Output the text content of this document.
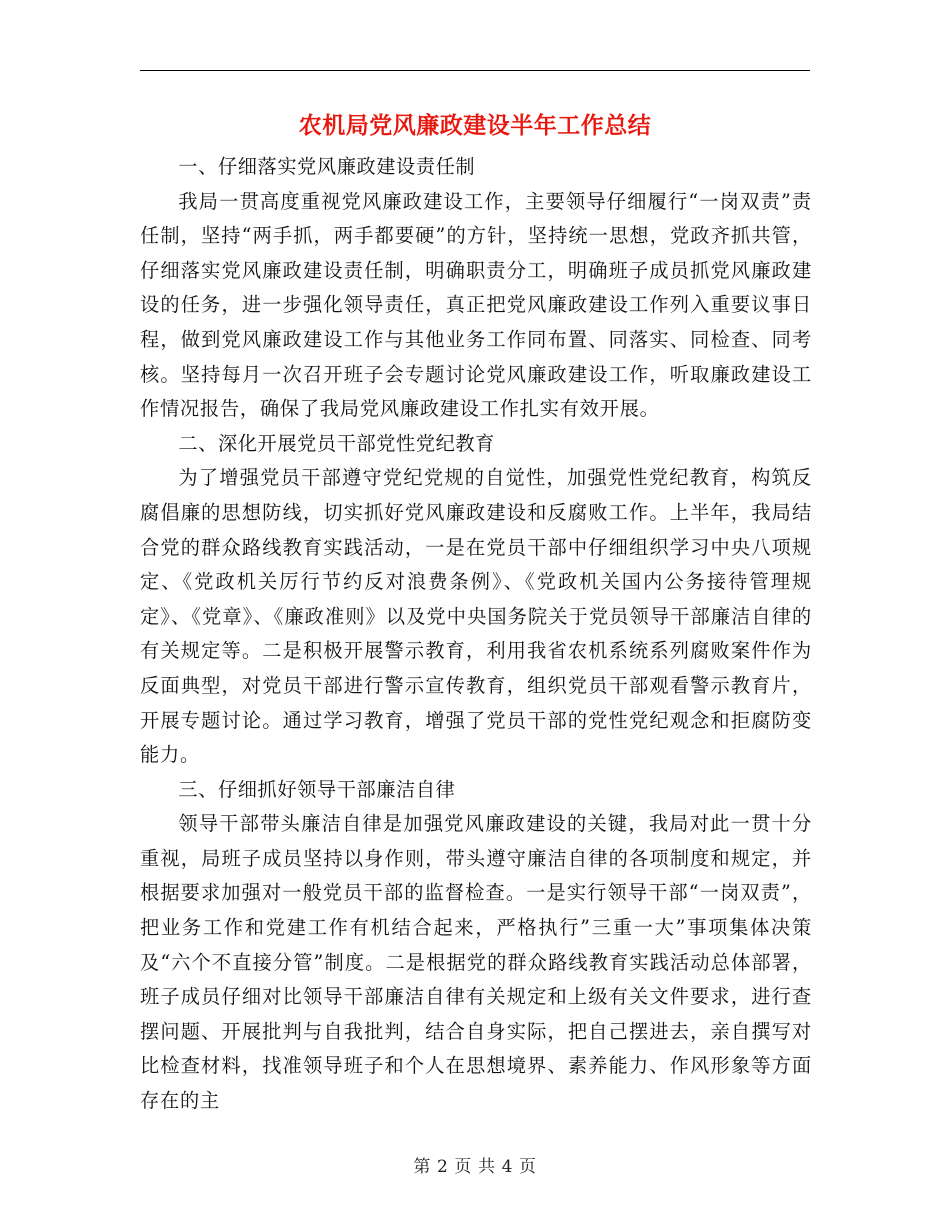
农机局党风廉政建设半年工作总结

一、仔细落实党风廉政建设责任制

我局一贯高度重视党风廉政建设工作，主要领导仔细履行“一岗双责”责任制，坚持“两手抓，两手都要硬”的方针，坚持统一思想，党政齐抓共管，仔细落实党风廉政建设责任制，明确职责分工，明确班子成员抓党风廉政建设的任务，进一步强化领导责任，真正把党风廉政建设工作列入重要议事日程，做到党风廉政建设工作与其他业务工作同布置、同落实、同检查、同考核。坚持每月一次召开班子会专题讨论党风廉政建设工作，听取廉政建设工作情况报告，确保了我局党风廉政建设工作扎实有效开展。

二、深化开展党员干部党性党纪教育

为了增强党员干部遵守党纪党规的自觉性，加强党性党纪教育，构筑反腐倡廉的思想防线，切实抓好党风廉政建设和反腐败工作。上半年，我局结合党的群众路线教育实践活动，一是在党员干部中仔细组织学习中央八项规定、《党政机关厉行节约反对浪费条例》、《党政机关国内公务接待管理规定》、《党章》、《廉政准则》以及党中央国务院关于党员领导干部廉洁自律的有关规定等。二是积极开展警示教育，利用我省农机系统系列腐败案件作为反面典型，对党员干部进行警示宣传教育，组织党员干部观看警示教育片，开展专题讨论。通过学习教育，增强了党员干部的党性党纪观念和拒腐防变能力。

三、仔细抓好领导干部廉洁自律

领导干部带头廉洁自律是加强党风廉政建设的关键，我局对此一贯十分重视，局班子成员坚持以身作则，带头遵守廉洁自律的各项制度和规定，并根据要求加强对一般党员干部的监督检查。一是实行领导干部“一岗双责”，把业务工作和党建工作有机结合起来，严格执行”三重一大”事项集体决策及“六个不直接分管”制度。二是根据党的群众路线教育实践活动总体部署，班子成员仔细对比领导干部廉洁自律有关规定和上级有关文件要求，进行查摆问题、开展批判与自我批判，结合自身实际，把自己摆进去，亲自撰写对比检查材料，找准领导班子和个人在思想境界、素养能力、作风形象等方面存在的主

第 2 页 共 4 页
